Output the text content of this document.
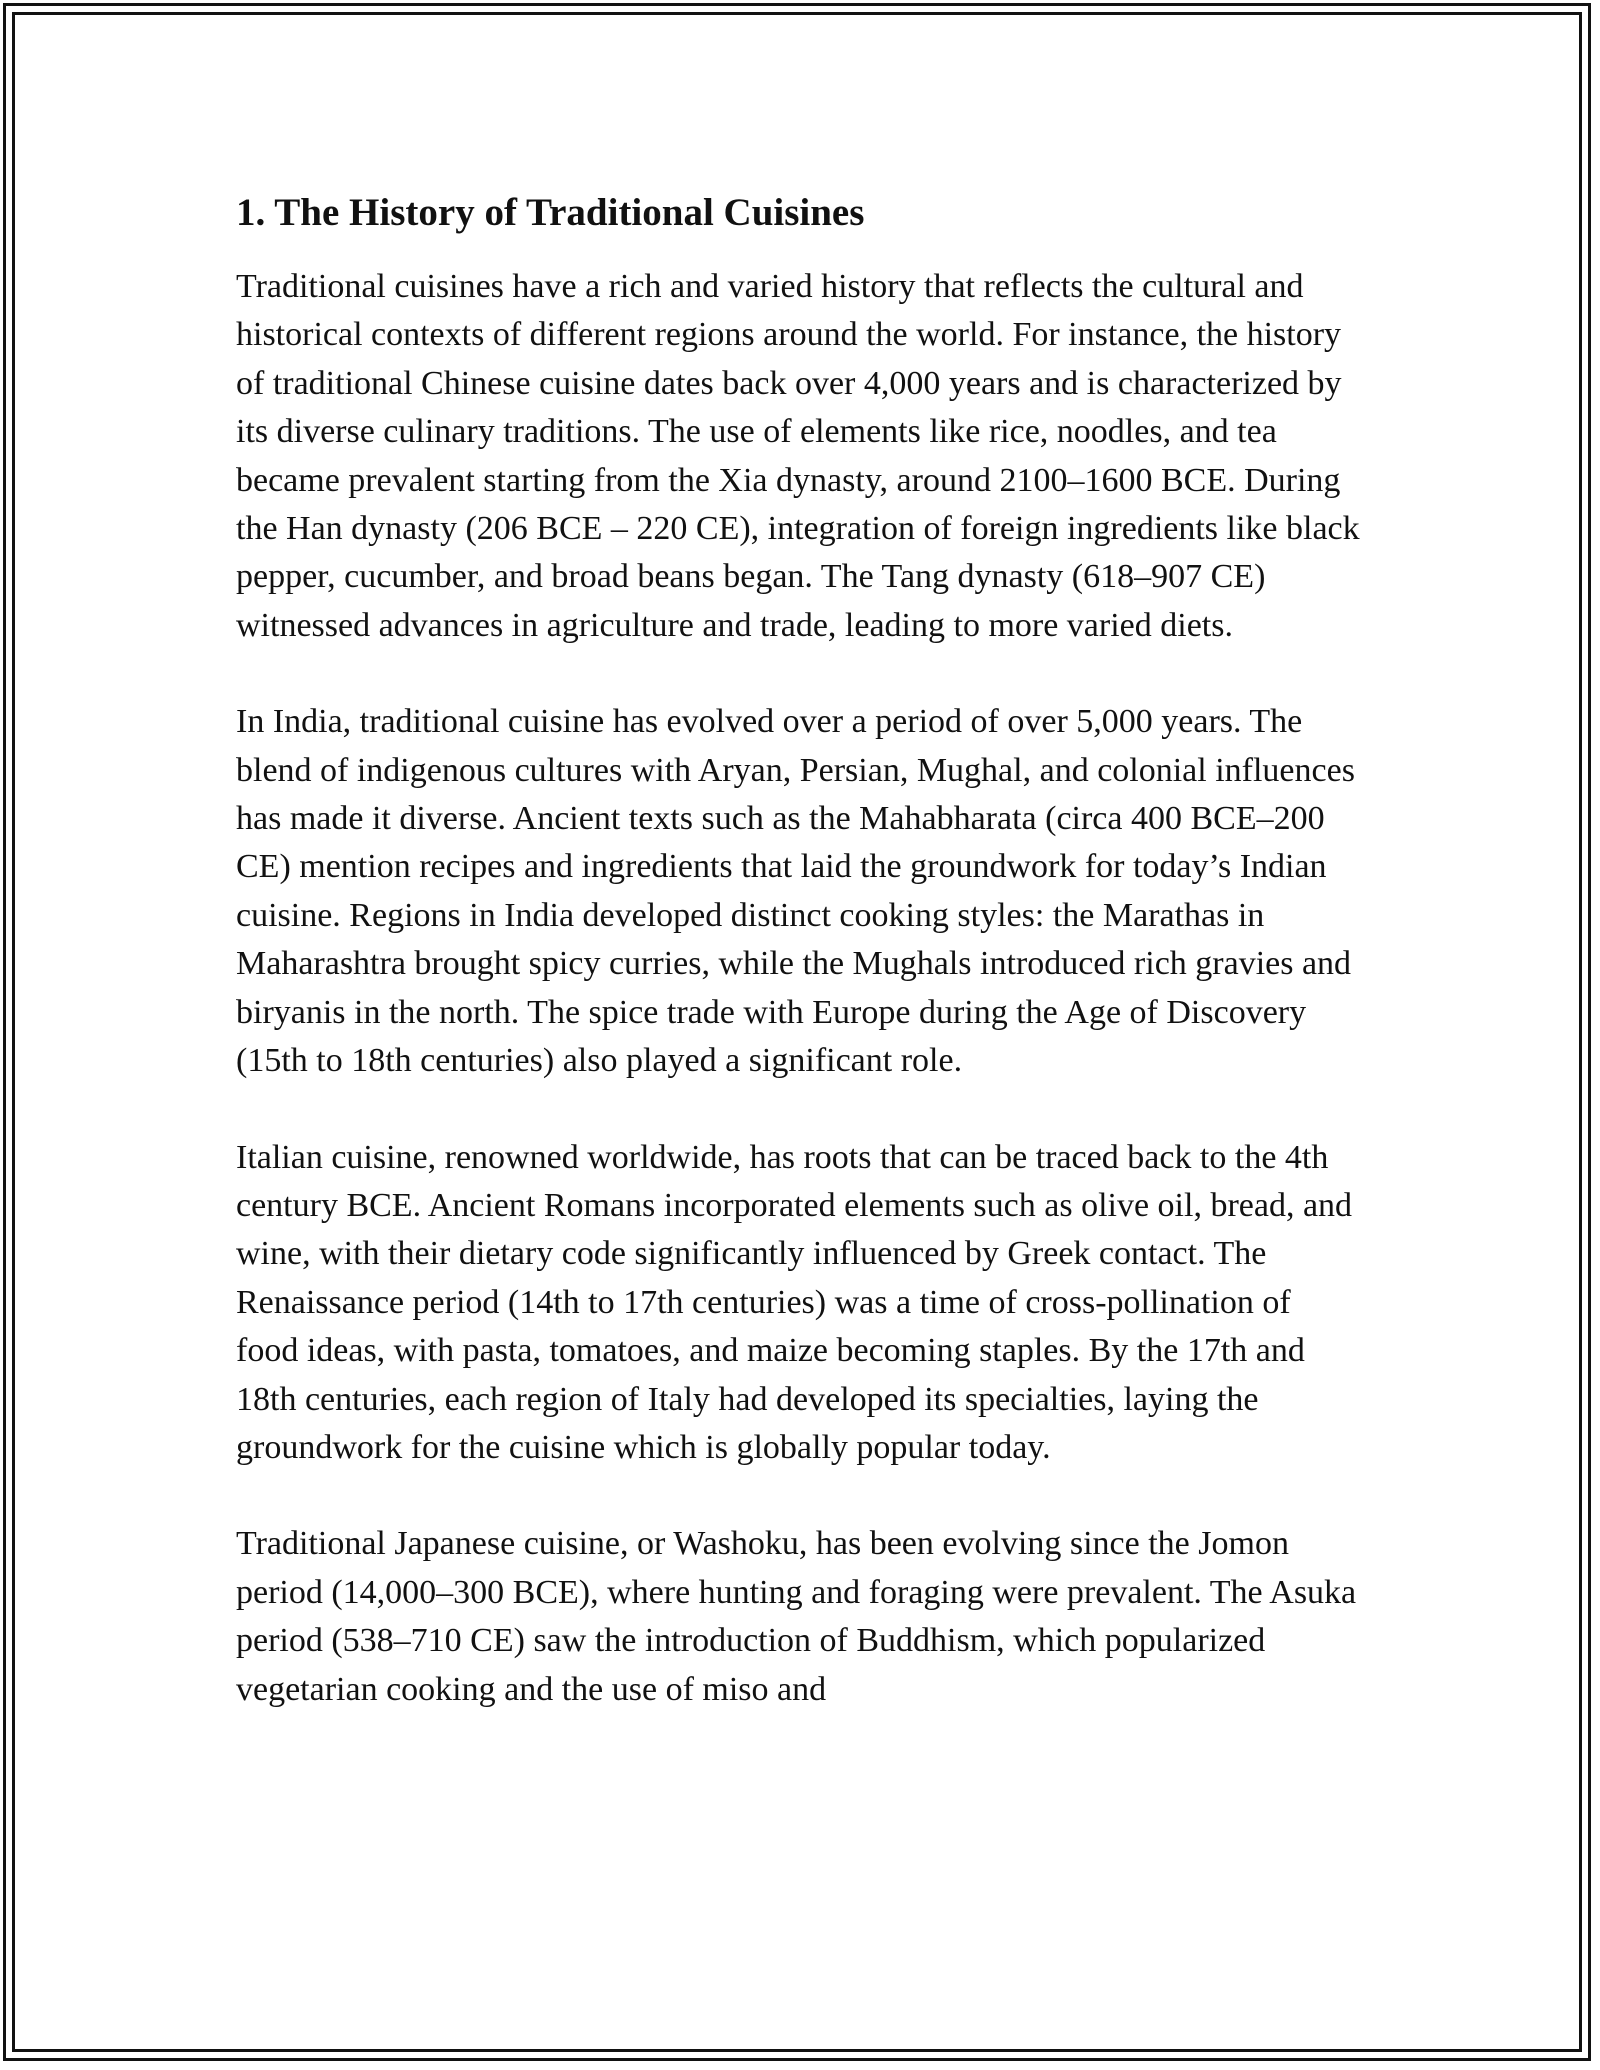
1. The History of Traditional Cuisines

Traditional cuisines have a rich and varied history that reflects the cultural and historical contexts of different regions around the world. For instance, the history of traditional Chinese cuisine dates back over 4,000 years and is characterized by its diverse culinary traditions. The use of elements like rice, noodles, and tea became prevalent starting from the Xia dynasty, around 2100–1600 BCE. During the Han dynasty (206 BCE – 220 CE), integration of foreign ingredients like black pepper, cucumber, and broad beans began. The Tang dynasty (618–907 CE) witnessed advances in agriculture and trade, leading to more varied diets.

In India, traditional cuisine has evolved over a period of over 5,000 years. The blend of indigenous cultures with Aryan, Persian, Mughal, and colonial influences has made it diverse. Ancient texts such as the Mahabharata (circa 400 BCE–200 CE) mention recipes and ingredients that laid the groundwork for today’s Indian cuisine. Regions in India developed distinct cooking styles: the Marathas in Maharashtra brought spicy curries, while the Mughals introduced rich gravies and biryanis in the north. The spice trade with Europe during the Age of Discovery (15th to 18th centuries) also played a significant role.

Italian cuisine, renowned worldwide, has roots that can be traced back to the 4th century BCE. Ancient Romans incorporated elements such as olive oil, bread, and wine, with their dietary code significantly influenced by Greek contact. The Renaissance period (14th to 17th centuries) was a time of cross-pollination of food ideas, with pasta, tomatoes, and maize becoming staples. By the 17th and 18th centuries, each region of Italy had developed its specialties, laying the groundwork for the cuisine which is globally popular today.

Traditional Japanese cuisine, or Washoku, has been evolving since the Jomon period (14,000–300 BCE), where hunting and foraging were prevalent. The Asuka period (538–710 CE) saw the introduction of Buddhism, which popularized vegetarian cooking and the use of miso and
